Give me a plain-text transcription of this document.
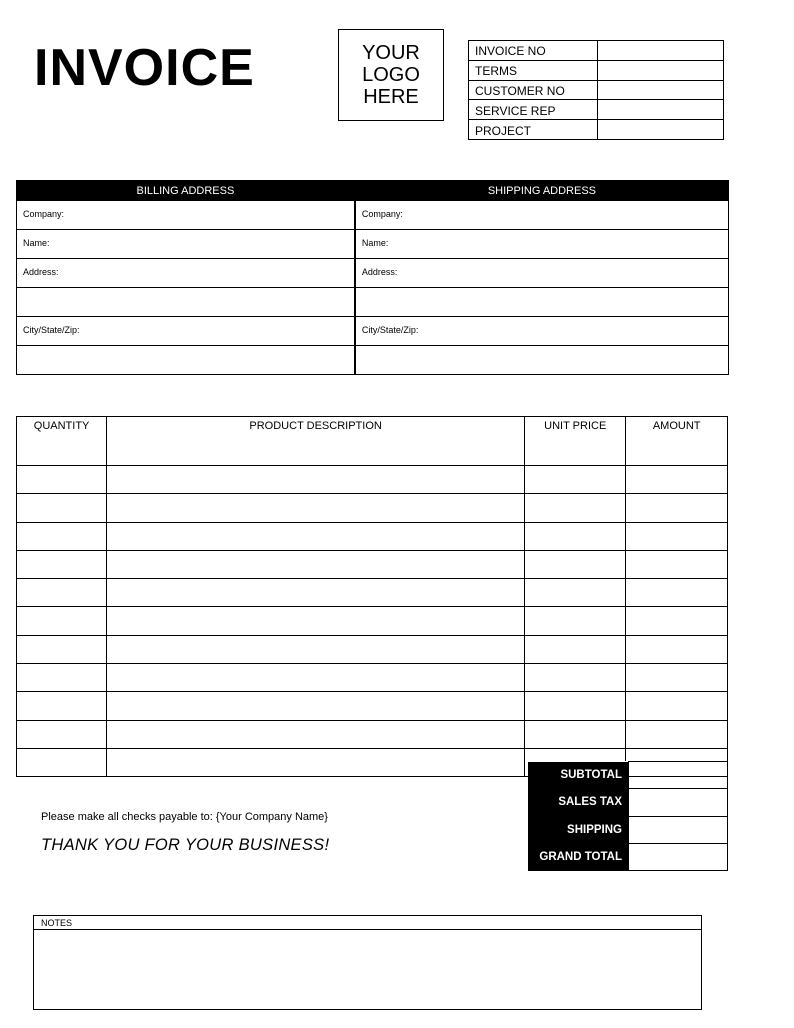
INVOICE	YOUR
LOGO
HERE
INVOICE NO	
TERMS	
CUSTOMER NO	
SERVICE REP	
PROJECT	
BILLING ADDRESS	SHIPPING ADDRESS
Company:	Company:
Name:	Name:
Address:	Address:

City/State/Zip:	City/State/Zip:

QUANTITY	PRODUCT DESCRIPTION	UNIT PRICE	AMOUNT

SUBTOTAL	
SALES TAX	
SHIPPING	
GRAND TOTAL	
Please make all checks payable to: {Your Company Name}
THANK YOU FOR YOUR BUSINESS!
NOTES
